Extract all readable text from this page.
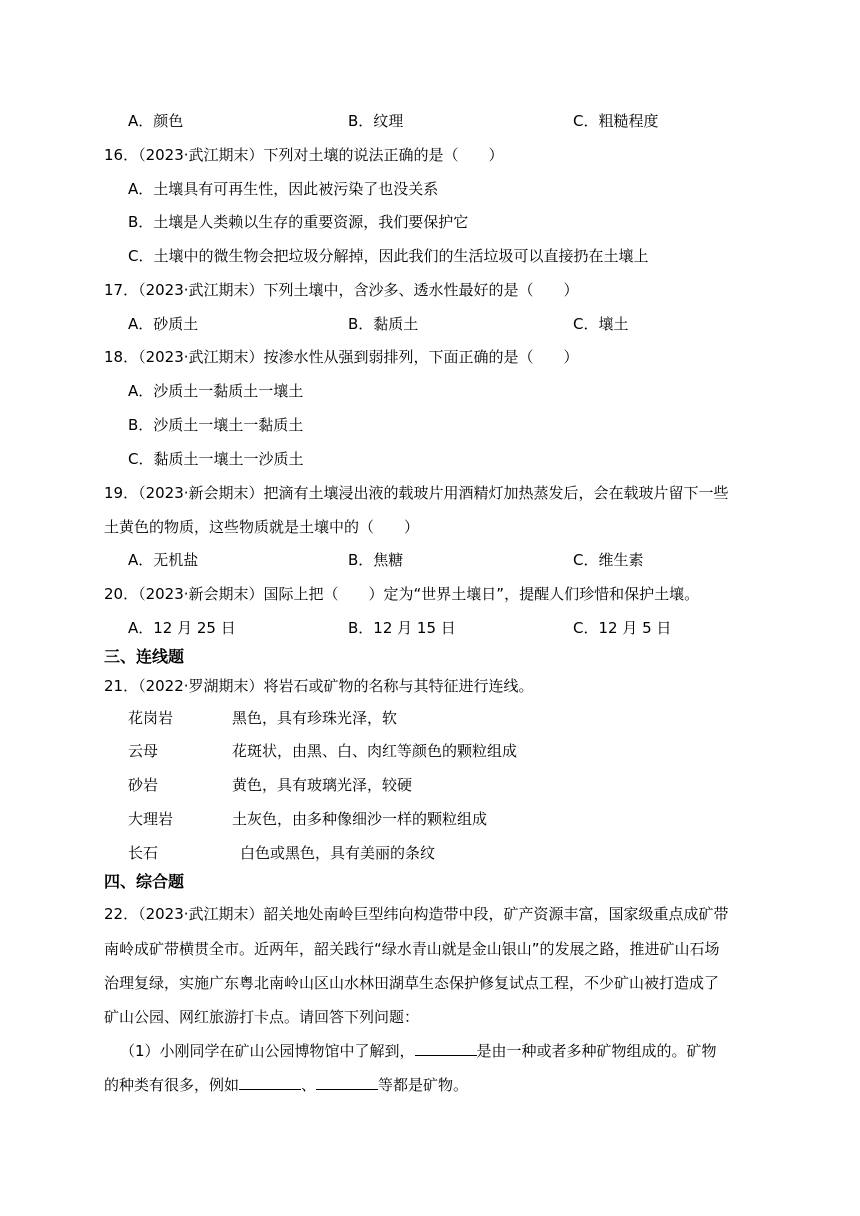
A．颜色	B．纹理	C．粗糙程度
16．（2023·武江期末）下列对土壤的说法正确的是（　　）
A．土壤具有可再生性，因此被污染了也没关系
B．土壤是人类赖以生存的重要资源，我们要保护它
C．土壤中的微生物会把垃圾分解掉，因此我们的生活垃圾可以直接扔在土壤上
17．（2023·武江期末）下列土壤中，含沙多、透水性最好的是（　　）
A．砂质土	B．黏质土	C．壤土
18．（2023·武江期末）按渗水性从强到弱排列，下面正确的是（　　）
A．沙质土一黏质土一壤土
B．沙质土一壤土一黏质土
C．黏质土一壤土一沙质土
19．（2023·新会期末）把滴有土壤浸出液的载玻片用酒精灯加热蒸发后，会在载玻片留下一些
土黄色的物质，这些物质就是土壤中的（　　）
A．无机盐	B．焦糖	C．维生素
20．（2023·新会期末）国际上把（　　）定为“世界土壤日”，提醒人们珍惜和保护土壤。
A．12 月 25 日	B．12 月 15 日	C．12 月 5 日
三、连线题
21．（2022·罗湖期末）将岩石或矿物的名称与其特征进行连线。
花岗岩	黑色，具有珍珠光泽，软
云母	花斑状，由黑、白、肉红等颜色的颗粒组成
砂岩	黄色，具有玻璃光泽，较硬
大理岩	土灰色，由多种像细沙一样的颗粒组成
长石	白色或黑色，具有美丽的条纹
四、综合题
22．（2023·武江期末）韶关地处南岭巨型纬向构造带中段，矿产资源丰富，国家级重点成矿带
南岭成矿带横贯全市。近两年，韶关践行“绿水青山就是金山银山”的发展之路，推进矿山石场
治理复绿，实施广东粤北南岭山区山水林田湖草生态保护修复试点工程，不少矿山被打造成了
矿山公园、网红旅游打卡点。请回答下列问题：
（1）小刚同学在矿山公园博物馆中了解到，	是由一种或者多种矿物组成的。矿物
的种类有很多，例如	、	等都是矿物。
